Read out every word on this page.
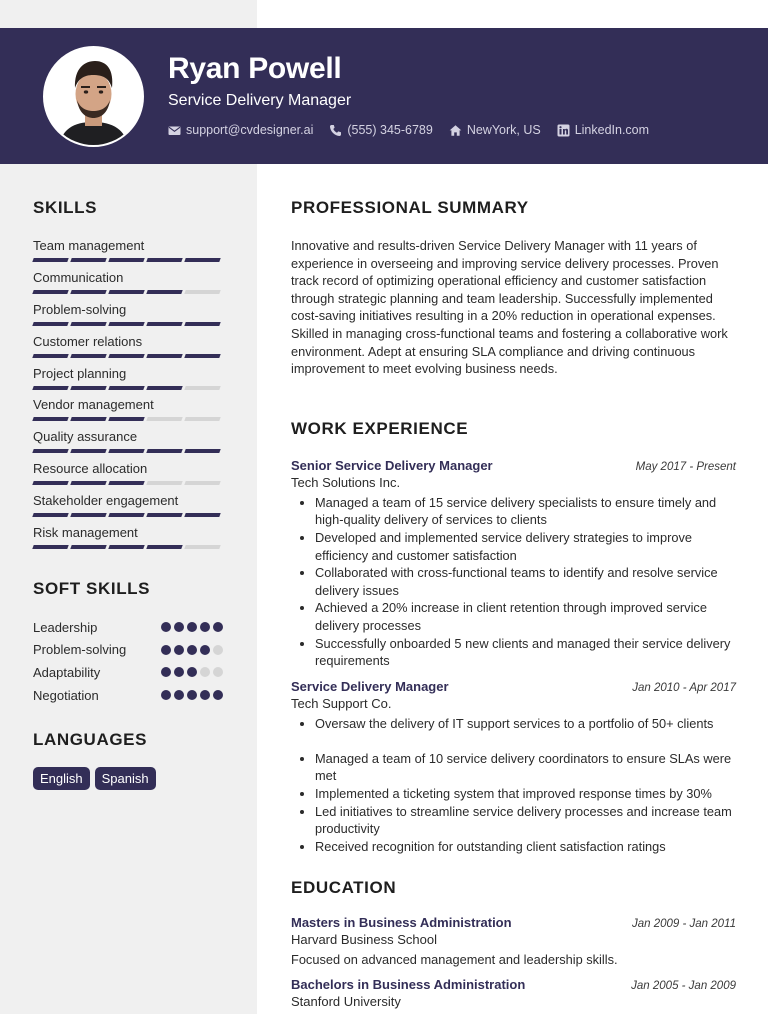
Ryan Powell
Service Delivery Manager
support@cvdesigner.ai	(555) 345-6789	NewYork, US	LinkedIn.com
SKILLS
Team management
Communication
Problem-solving
Customer relations
Project planning
Vendor management
Quality assurance
Resource allocation
Stakeholder engagement
Risk management
SOFT SKILLS
Leadership
Problem-solving
Adaptability
Negotiation
LANGUAGES
English	Spanish
PROFESSIONAL SUMMARY

Innovative and results-driven Service Delivery Manager with 11 years of experience in overseeing and improving service delivery processes. Proven track record of optimizing operational efficiency and customer satisfaction through strategic planning and team leadership. Successfully implemented cost-saving initiatives resulting in a 20% reduction in operational expenses. Skilled in managing cross-functional teams and fostering a collaborative work environment. Adept at ensuring SLA compliance and driving continuous improvement to meet evolving business needs.

WORK EXPERIENCE
Senior Service Delivery Manager	May 2017 - Present
Tech Solutions Inc.
• Managed a team of 15 service delivery specialists to ensure timely and high-quality delivery of services to clients
• Developed and implemented service delivery strategies to improve efficiency and customer satisfaction
• Collaborated with cross-functional teams to identify and resolve service delivery issues
• Achieved a 20% increase in client retention through improved service delivery processes
• Successfully onboarded 5 new clients and managed their service delivery requirements
Service Delivery Manager	Jan 2010 - Apr 2017
Tech Support Co.
• Oversaw the delivery of IT support services to a portfolio of 50+ clients
• Managed a team of 10 service delivery coordinators to ensure SLAs were met
• Implemented a ticketing system that improved response times by 30%
• Led initiatives to streamline service delivery processes and increase team productivity
• Received recognition for outstanding client satisfaction ratings
EDUCATION
Masters in Business Administration	Jan 2009 - Jan 2011
Harvard Business School
Focused on advanced management and leadership skills.
Bachelors in Business Administration	Jan 2005 - Jan 2009
Stanford University
